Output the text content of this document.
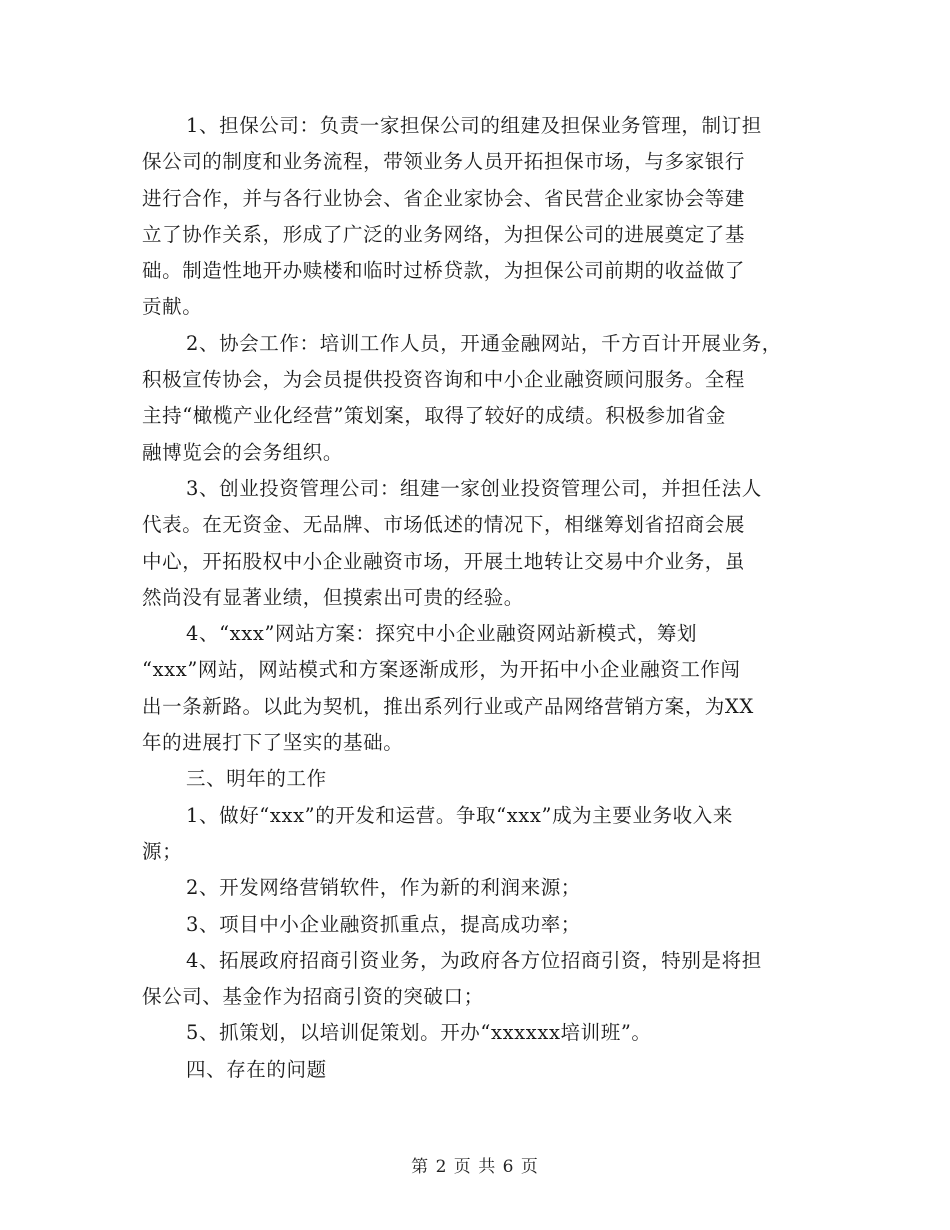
1、担保公司：负责一家担保公司的组建及担保业务管理，制订担
保公司的制度和业务流程，带领业务人员开拓担保市场，与多家银行
进行合作，并与各行业协会、省企业家协会、省民营企业家协会等建
立了协作关系，形成了广泛的业务网络，为担保公司的进展奠定了基
础。制造性地开办赎楼和临时过桥贷款，为担保公司前期的收益做了
贡献。
2、协会工作：培训工作人员，开通金融网站，千方百计开展业务，
积极宣传协会，为会员提供投资咨询和中小企业融资顾问服务。全程
主持“橄榄产业化经营”策划案，取得了较好的成绩。积极参加省金
融博览会的会务组织。
3、创业投资管理公司：组建一家创业投资管理公司，并担任法人
代表。在无资金、无品牌、市场低述的情况下，相继筹划省招商会展
中心，开拓股权中小企业融资市场，开展土地转让交易中介业务，虽
然尚没有显著业绩，但摸索出可贵的经验。
4、“xxx”网站方案：探究中小企业融资网站新模式，筹划
“xxx”网站，网站模式和方案逐渐成形，为开拓中小企业融资工作闯
出一条新路。以此为契机，推出系列行业或产品网络营销方案，为XX
年的进展打下了坚实的基础。
三、明年的工作
1、做好“xxx”的开发和运营。争取“xxx”成为主要业务收入来
源；
2、开发网络营销软件，作为新的利润来源；
3、项目中小企业融资抓重点，提高成功率；
4、拓展政府招商引资业务，为政府各方位招商引资，特别是将担
保公司、基金作为招商引资的突破口；
5、抓策划，以培训促策划。开办“xxxxxx培训班”。
四、存在的问题
第 2 页 共 6 页
